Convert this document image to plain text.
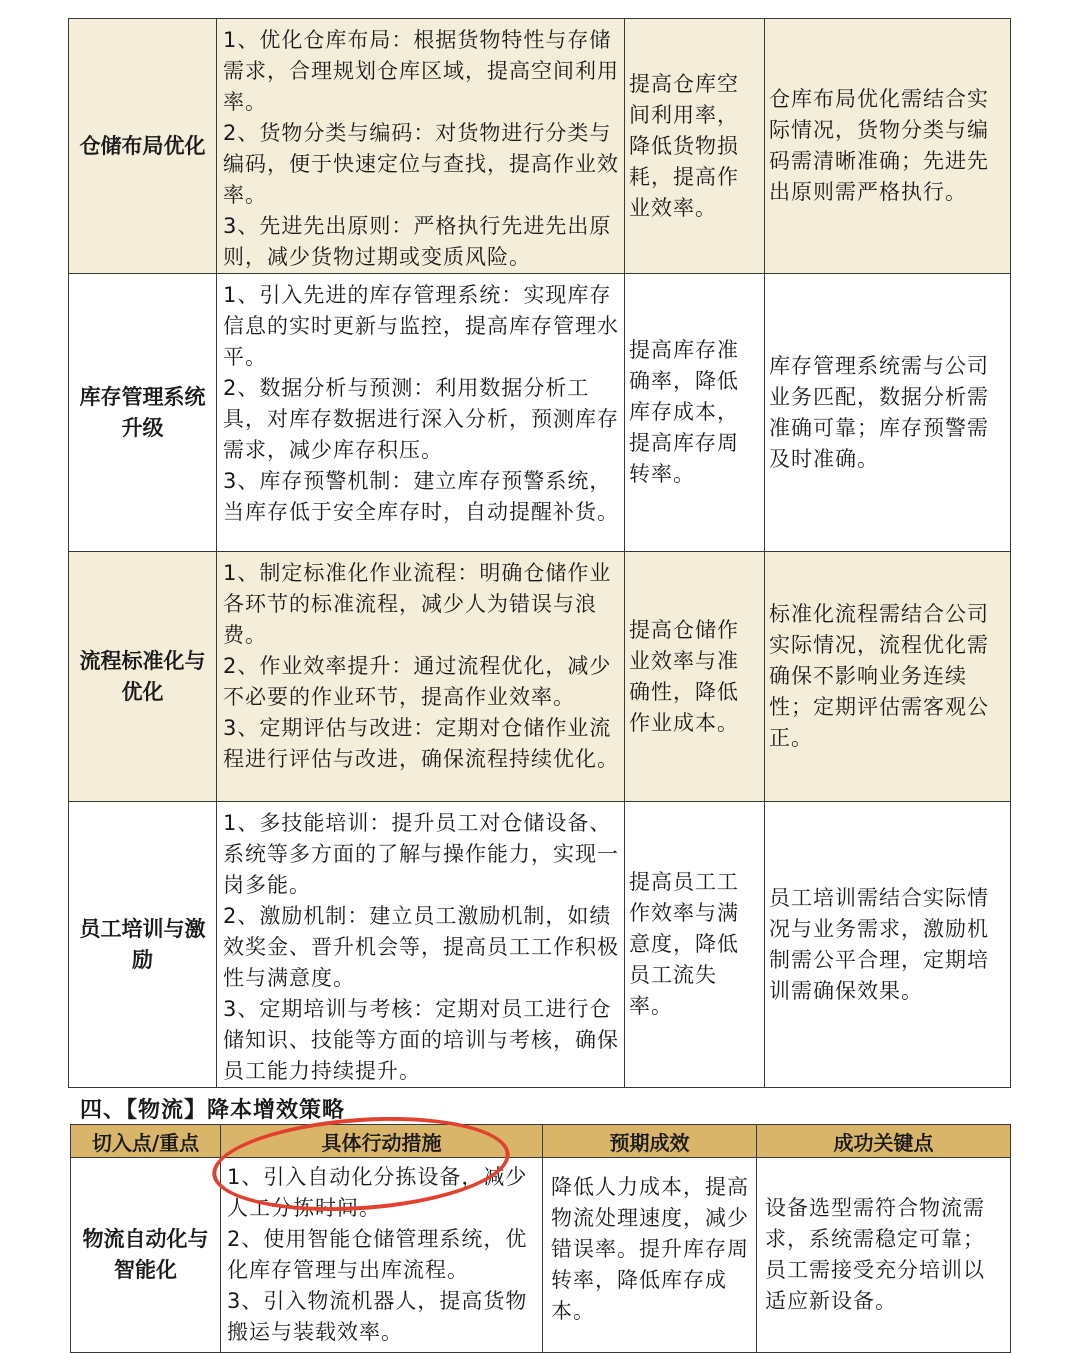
仓储布局优化	1、优化仓库布局：根据货物特性与存储需求，合理规划仓库区域，提高空间利用率。
2、货物分类与编码：对货物进行分类与编码，便于快速定位与查找，提高作业效率。
3、先进先出原则：严格执行先进先出原则，减少货物过期或变质风险。	提高仓库空间利用率，降低货物损耗，提高作业效率。	仓库布局优化需结合实际情况，货物分类与编码需清晰准确；先进先出原则需严格执行。
库存管理系统升级	1、引入先进的库存管理系统：实现库存信息的实时更新与监控，提高库存管理水平。
2、数据分析与预测：利用数据分析工具，对库存数据进行深入分析，预测库存需求，减少库存积压。
3、库存预警机制：建立库存预警系统，当库存低于安全库存时，自动提醒补货。	提高库存准确率，降低库存成本，提高库存周转率。	库存管理系统需与公司业务匹配，数据分析需准确可靠；库存预警需及时准确。
流程标准化与优化	1、制定标准化作业流程：明确仓储作业各环节的标准流程，减少人为错误与浪费。
2、作业效率提升：通过流程优化，减少不必要的作业环节，提高作业效率。
3、定期评估与改进：定期对仓储作业流程进行评估与改进，确保流程持续优化。	提高仓储作业效率与准确性，降低作业成本。	标准化流程需结合公司实际情况，流程优化需确保不影响业务连续性；定期评估需客观公正。
员工培训与激励	1、多技能培训：提升员工对仓储设备、系统等多方面的了解与操作能力，实现一岗多能。
2、激励机制：建立员工激励机制，如绩效奖金、晋升机会等，提高员工工作积极性与满意度。
3、定期培训与考核：定期对员工进行仓储知识、技能等方面的培训与考核，确保员工能力持续提升。	提高员工工作效率与满意度，降低员工流失率。	员工培训需结合实际情况与业务需求，激励机制需公平合理，定期培训需确保效果。
四、【物流】降本增效策略
切入点/重点	具体行动措施	预期成效	成功关键点
物流自动化与智能化	1、引入自动化分拣设备，减少人工分拣时间。
2、使用智能仓储管理系统，优化库存管理与出库流程。
3、引入物流机器人，提高货物搬运与装载效率。	降低人力成本，提高物流处理速度，减少错误率。提升库存周转率，降低库存成本。	设备选型需符合物流需求，系统需稳定可靠；员工需接受充分培训以适应新设备。
